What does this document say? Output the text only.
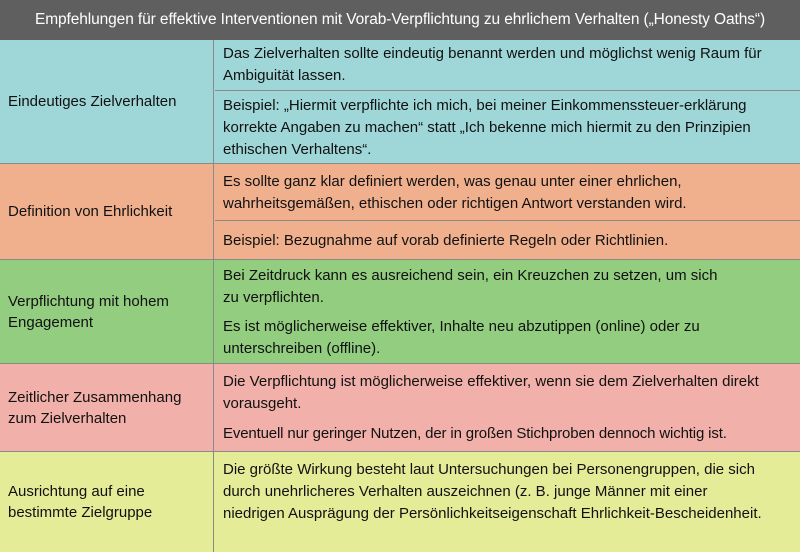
Empfehlungen für effektive Interventionen mit Vorab-Verpflichtung zu ehrlichem Verhalten („Honesty Oaths“)
Eindeutiges Zielverhalten
Das Zielverhalten sollte eindeutig benannt werden und möglichst wenig Raum für Ambiguität lassen.
Beispiel: „Hiermit verpflichte ich mich, bei meiner Einkommenssteuer-erklärung korrekte Angaben zu machen“ statt „Ich bekenne mich hiermit zu den Prinzipien ethischen Verhaltens“.
Definition von Ehrlichkeit
Es sollte ganz klar definiert werden, was genau unter einer ehrlichen, wahrheitsgemäßen, ethischen oder richtigen Antwort verstanden wird.
Beispiel: Bezugnahme auf vorab definierte Regeln oder Richtlinien.
Verpflichtung mit hohem Engagement
Bei Zeitdruck kann es ausreichend sein, ein Kreuzchen zu setzen, um sich zu verpflichten.
Es ist möglicherweise effektiver, Inhalte neu abzutippen (online) oder zu unterschreiben (offline).
Zeitlicher Zusammenhang zum Zielverhalten
Die Verpflichtung ist möglicherweise effektiver, wenn sie dem Zielverhalten direkt vorausgeht.
Eventuell nur geringer Nutzen, der in großen Stichproben dennoch wichtig ist.
Ausrichtung auf eine bestimmte Zielgruppe
Die größte Wirkung besteht laut Untersuchungen bei Personengruppen, die sich durch unehrlicheres Verhalten auszeichnen (z. B. junge Männer mit einer niedrigen Ausprägung der Persönlichkeitseigenschaft Ehrlichkeit-Bescheidenheit.
